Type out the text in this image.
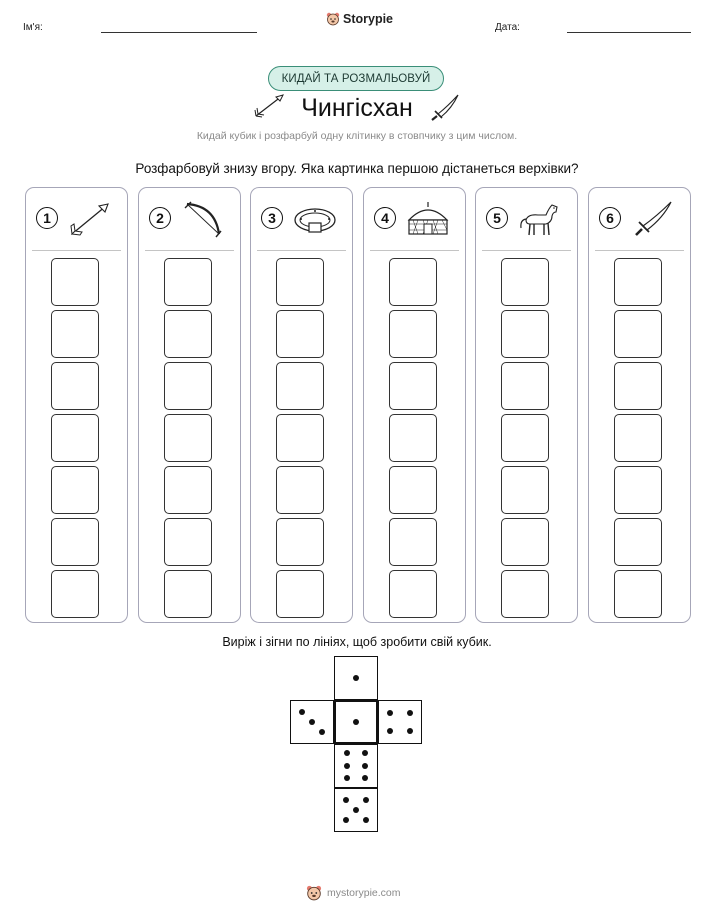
Ім'я:
Storypie
Дата:
КИДАЙ ТА РОЗМАЛЬОВУЙ
Чингісхан
Кидай кубик і розфарбуй одну клітинку в стовпчику з цим числом.
Розфарбовуй знизу вгору. Яка картинка першою дістанеться верхівки?
1	2	3	4	5	6
Виріж і зігни по лініях, щоб зробити свій кубик.
mystorypie.com
